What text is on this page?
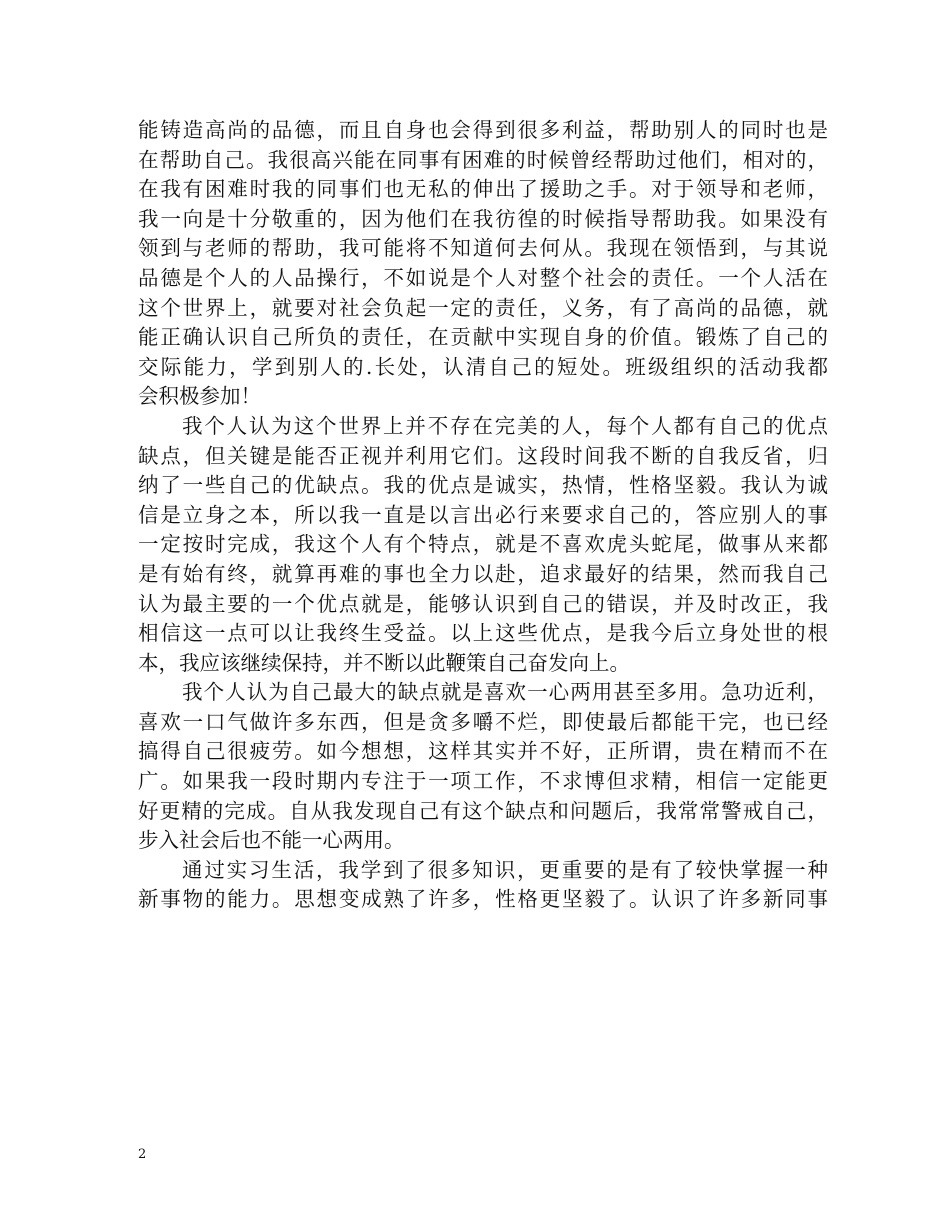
能铸造高尚的品德，而且自身也会得到很多利益，帮助别人的同时也是
在帮助自己。我很高兴能在同事有困难的时候曾经帮助过他们，相对的，
在我有困难时我的同事们也无私的伸出了援助之手。对于领导和老师，
我一向是十分敬重的，因为他们在我彷徨的时候指导帮助我。如果没有
领到与老师的帮助，我可能将不知道何去何从。我现在领悟到，与其说
品德是个人的人品操行，不如说是个人对整个社会的责任。一个人活在
这个世界上，就要对社会负起一定的责任，义务，有了高尚的品德，就
能正确认识自己所负的责任，在贡献中实现自身的价值。锻炼了自己的
交际能力，学到别人的.长处，认清自己的短处。班级组织的活动我都
会积极参加！
我个人认为这个世界上并不存在完美的人，每个人都有自己的优点
缺点，但关键是能否正视并利用它们。这段时间我不断的自我反省，归
纳了一些自己的优缺点。我的优点是诚实，热情，性格坚毅。我认为诚
信是立身之本，所以我一直是以言出必行来要求自己的，答应别人的事
一定按时完成，我这个人有个特点，就是不喜欢虎头蛇尾，做事从来都
是有始有终，就算再难的事也全力以赴，追求最好的结果，然而我自己
认为最主要的一个优点就是，能够认识到自己的错误，并及时改正，我
相信这一点可以让我终生受益。以上这些优点，是我今后立身处世的根
本，我应该继续保持，并不断以此鞭策自己奋发向上。
我个人认为自己最大的缺点就是喜欢一心两用甚至多用。急功近利，
喜欢一口气做许多东西，但是贪多嚼不烂，即使最后都能干完，也已经
搞得自己很疲劳。如今想想，这样其实并不好，正所谓，贵在精而不在
广。如果我一段时期内专注于一项工作，不求博但求精，相信一定能更
好更精的完成。自从我发现自己有这个缺点和问题后，我常常警戒自己，
步入社会后也不能一心两用。
通过实习生活，我学到了很多知识，更重要的是有了较快掌握一种
新事物的能力。思想变成熟了许多，性格更坚毅了。认识了许多新同事
2
